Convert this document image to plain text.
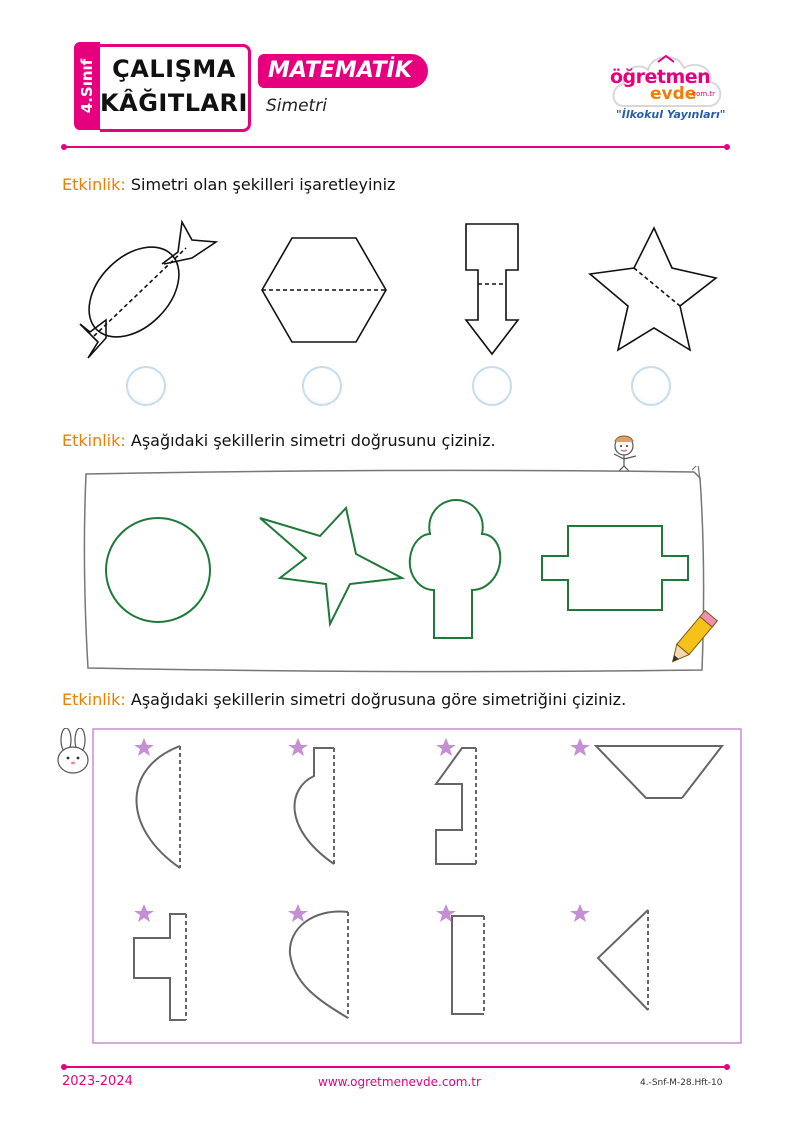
4.Sınıf ÇALIŞMA
KÂĞITLARI
MATEMATİK
Simetri
öğretmen
evde
.com.tr
"İlkokul Yayınları"
Etkinlik: Simetri olan şekilleri işaretleyiniz
Etkinlik: Aşağıdaki şekillerin simetri doğrusunu çiziniz.
Etkinlik: Aşağıdaki şekillerin simetri doğrusuna göre simetriğini çiziniz.
2023-2024	www.ogretmenevde.com.tr	4.-Snf-M-28.Hft-10
